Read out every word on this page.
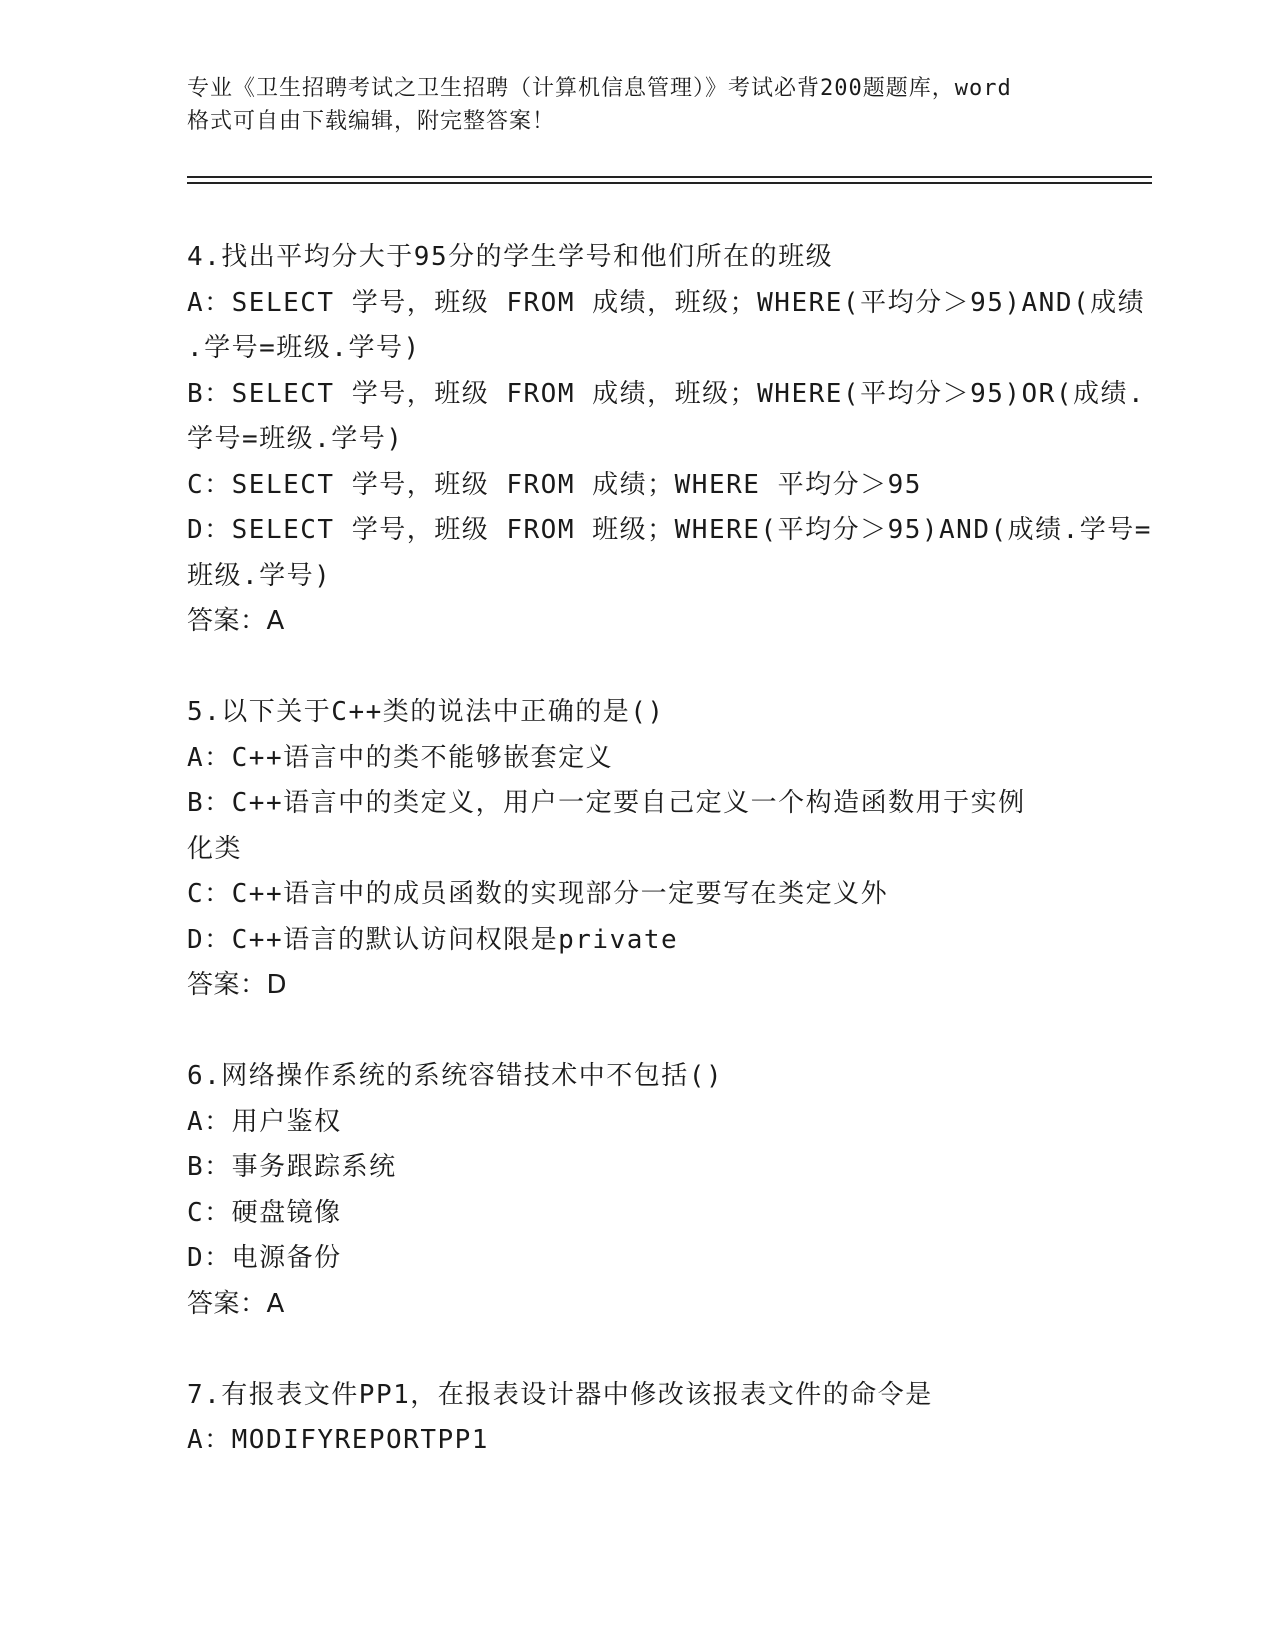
专业《卫生招聘考试之卫生招聘（计算机信息管理）》考试必背200题题库，word
格式可自由下载编辑，附完整答案！
4.找出平均分大于95分的学生学号和他们所在的班级
A：SELECT 学号，班级 FROM 成绩，班级；WHERE(平均分＞95)AND(成绩
.学号=班级.学号)
B：SELECT 学号，班级 FROM 成绩，班级；WHERE(平均分＞95)OR(成绩.
学号=班级.学号)
C：SELECT 学号，班级 FROM 成绩；WHERE 平均分＞95
D：SELECT 学号，班级 FROM 班级；WHERE(平均分＞95)AND(成绩.学号=
班级.学号)
答案：A
5.以下关于C++类的说法中正确的是()
A：C++语言中的类不能够嵌套定义
B：C++语言中的类定义，用户一定要自己定义一个构造函数用于实例
化类
C：C++语言中的成员函数的实现部分一定要写在类定义外
D：C++语言的默认访问权限是private
答案：D
6.网络操作系统的系统容错技术中不包括()
A：用户鉴权
B：事务跟踪系统
C：硬盘镜像
D：电源备份
答案：A
7.有报表文件PP1，在报表设计器中修改该报表文件的命令是
A：MODIFYREPORTPP1
